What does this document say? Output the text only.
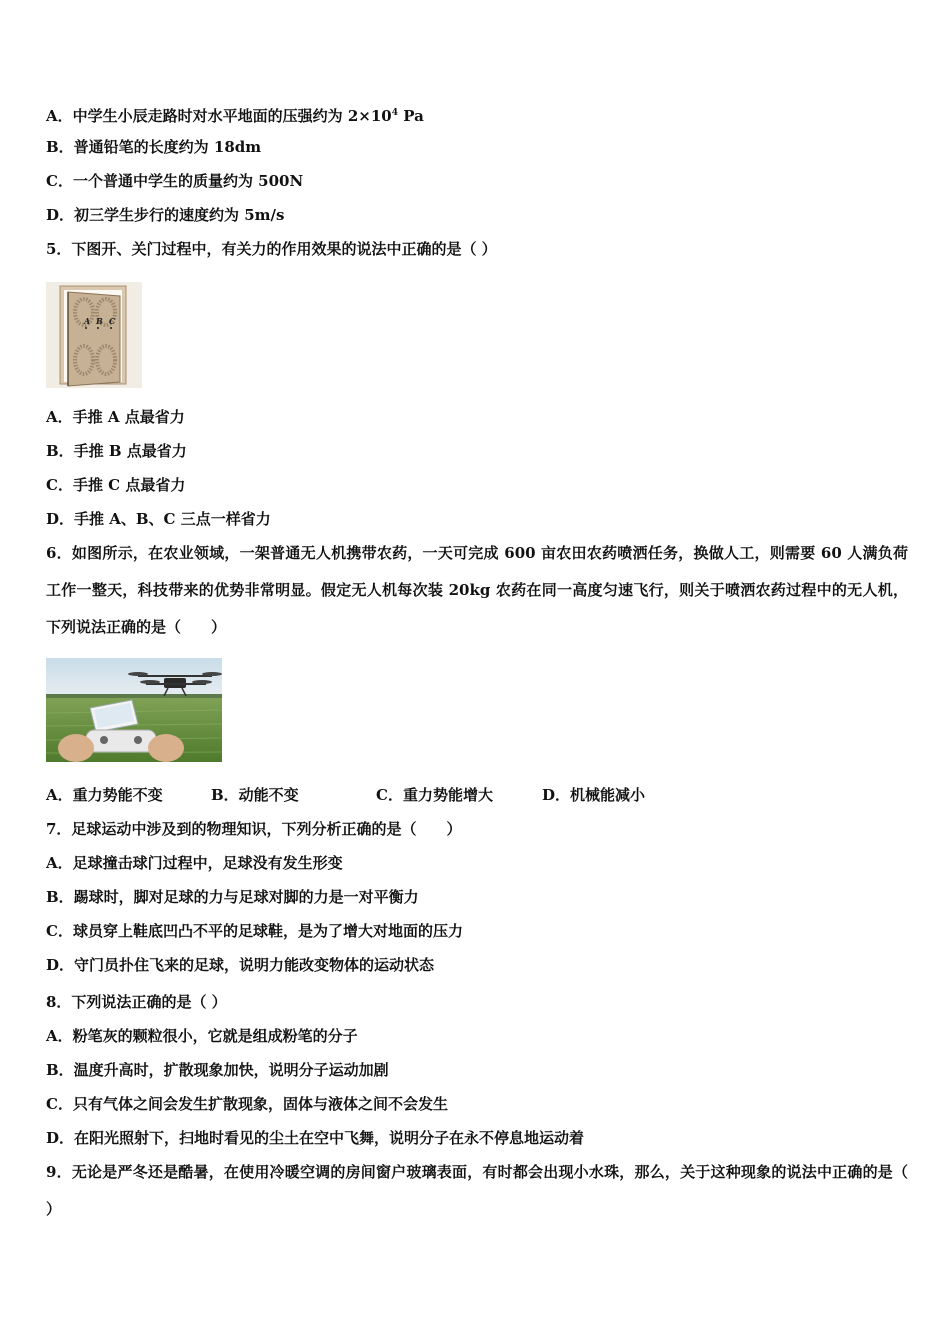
A．中学生小辰走路时对水平地面的压强约为 $2\times 10^4$ Pa
B．普通铅笔的长度约为 18dm
C．一个普通中学生的质量约为 500N
D．初三学生步行的速度约为 5m/s
5．下图开、关门过程中，有关力的作用效果的说法中正确的是（ ）
A B C
A．手推 A 点最省力
B．手推 B 点最省力
C．手推 C 点最省力
D．手推 A、B、C 三点一样省力
6．如图所示，在农业领域，一架普通无人机携带农药，一天可完成 600 亩农田农药喷洒任务，换做人工，则需要 60 人满负荷工作一整天，科技带来的优势非常明显。假定无人机每次装 20kg 农药在同一高度匀速飞行，则关于喷洒农药过程中的无人机，下列说法正确的是（　　）
A．重力势能不变	B．动能不变	C．重力势能增大	D．机械能减小
7．足球运动中涉及到的物理知识，下列分析正确的是（　　）
A．足球撞击球门过程中，足球没有发生形变
B．踢球时，脚对足球的力与足球对脚的力是一对平衡力
C．球员穿上鞋底凹凸不平的足球鞋，是为了增大对地面的压力
D．守门员扑住飞来的足球，说明力能改变物体的运动状态
8．下列说法正确的是（ ）
A．粉笔灰的颗粒很小，它就是组成粉笔的分子
B．温度升高时，扩散现象加快，说明分子运动加剧
C．只有气体之间会发生扩散现象，固体与液体之间不会发生
D．在阳光照射下，扫地时看见的尘土在空中飞舞，说明分子在永不停息地运动着
9．无论是严冬还是酷暑，在使用冷暖空调的房间窗户玻璃表面，有时都会出现小水珠，那么，关于这种现象的说法中正确的是（ ）
